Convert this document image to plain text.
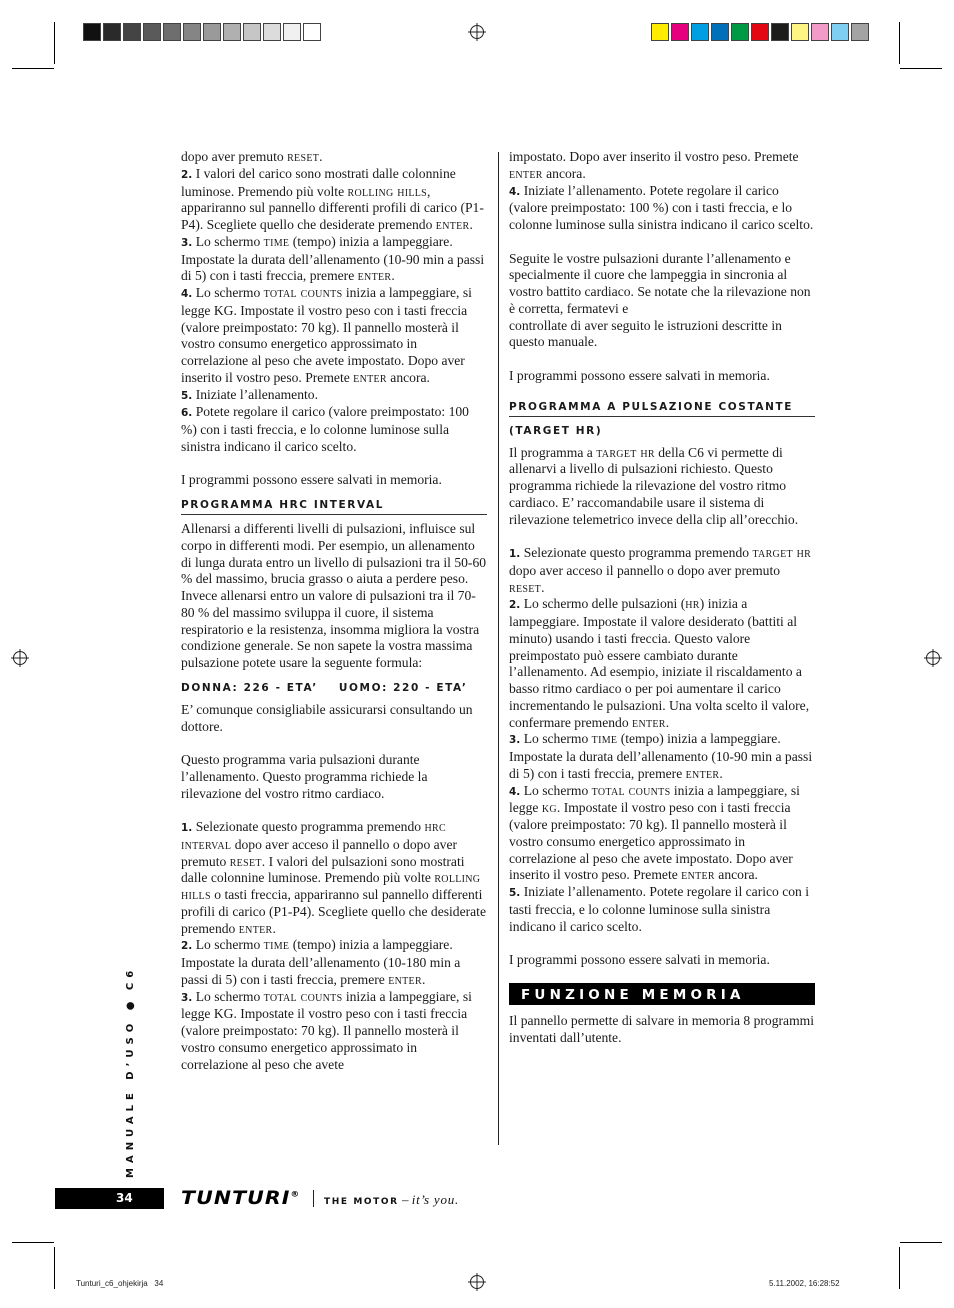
dopo aver premuto reset.

2. I valori del carico sono mostrati dalle colonnine luminose. Premendo più volte rolling hills, appariranno sul pannello differenti profili di carico (P1-P4). Scegliete quello che desiderate premendo enter.

3. Lo schermo time (tempo) inizia a lampeggiare. Impostate la durata dell’allenamento (10-90 min a passi di 5) con i tasti freccia, premere enter.

4. Lo schermo total counts inizia a lampeggiare, si legge KG. Impostate il vostro peso con i tasti freccia (valore preimpostato: 70 kg). Il pannello mosterà il vostro consumo energetico approssimato in correlazione al peso che avete impostato. Dopo aver inserito il vostro peso. Premete enter ancora.

5. Iniziate l’allenamento.

6. Potete regolare il carico (valore preimpostato: 100 %) con i tasti freccia, e lo colonne luminose sulla sinistra indicano il carico scelto.

I programmi possono essere salvati in memoria.

PROGRAMMA HRC INTERVAL

Allenarsi a differenti livelli di pulsazioni, influisce sul corpo in differenti modi. Per esempio, un allenamento di lunga durata entro un livello di pulsazioni tra il 50-60 % del massimo, brucia grasso o aiuta a perdere peso. Invece allenarsi entro un valore di pulsazioni tra il 70-80 % del massimo sviluppa il cuore, il sistema respiratorio e la resistenza, insomma migliora la vostra condizione generale. Se non sapete la vostra massima pulsazione potete usare la seguente formula:

DONNA: 226 - ETA’    UOMO: 220 - ETA’

E’ comunque consigliabile assicurarsi consultando un dottore.

Questo programma varia pulsazioni durante l’allenamento. Questo programma richiede la rilevazione del vostro ritmo cardiaco.

1. Selezionate questo programma premendo hrc interval dopo aver acceso il pannello o dopo aver premuto reset. I valori del pulsazioni sono mostrati dalle colonnine luminose. Premendo più volte rolling hills o tasti freccia, appariranno sul pannello differenti profili di carico (P1-P4). Scegliete quello che desiderate premendo enter.

2. Lo schermo time (tempo) inizia a lampeggiare. Impostate la durata dell’allenamento (10-180 min a passi di 5) con i tasti freccia, premere enter.

3. Lo schermo total counts inizia a lampeggiare, si legge KG. Impostate il vostro peso con i tasti freccia (valore preimpostato: 70 kg). Il pannello mosterà il vostro consumo energetico approssimato in correlazione al peso che avete

impostato. Dopo aver inserito il vostro peso. Premete enter ancora.

4. Iniziate l’allenamento. Potete regolare il carico (valore preimpostato: 100 %) con i tasti freccia, e lo colonne luminose sulla sinistra indicano il carico scelto.

Seguite le vostre pulsazioni durante l’allenamento e specialmente il cuore che lampeggia in sincronia al vostro battito cardiaco. Se notate che la rilevazione non è corretta, fermatevi e

controllate di aver seguito le istruzioni descritte in questo manuale.

I programmi possono essere salvati in memoria.

PROGRAMMA A PULSAZIONE COSTANTE
(TARGET HR)

Il programma a target hr della C6 vi permette di allenarvi a livello di pulsazioni richiesto. Questo programma richiede la rilevazione del vostro ritmo cardiaco. E’ raccomandabile usare il sistema di rilevazione telemetrico invece della clip all’orecchio.

1. Selezionate questo programma premendo target hr dopo aver acceso il pannello o dopo aver premuto reset.

2. Lo schermo delle pulsazioni (hr) inizia a lampeggiare. Impostate il valore desiderato (battiti al minuto) usando i tasti freccia. Questo valore preimpostato può essere cambiato durante l’allenamento. Ad esempio, iniziate il riscaldamento a basso ritmo cardiaco o per poi aumentare il carico incrementando le pulsazioni. Una volta scelto il valore, confermare premendo enter.

3. Lo schermo time (tempo) inizia a lampeggiare. Impostate la durata dell’allenamento (10-90 min a passi di 5) con i tasti freccia, premere enter.

4. Lo schermo total counts inizia a lampeggiare, si legge kg. Impostate il vostro peso con i tasti freccia (valore preimpostato: 70 kg). Il pannello mosterà il vostro consumo energetico approssimato in correlazione al peso che avete impostato. Dopo aver inserito il vostro peso. Premete enter ancora.

5. Iniziate l’allenamento. Potete regolare il carico con i tasti freccia, e lo colonne luminose sulla sinistra indicano il carico scelto.

I programmi possono essere salvati in memoria.

FUNZIONE MEMORIA

Il pannello permette di salvare in memoria 8 programmi inventati dall’utente.

MANUALE D’USO ● C6
34	TUNTURI®
THE MOTOR – it’s you.
Tunturi_c6_ohjekirja   34	5.11.2002, 16:28:52
